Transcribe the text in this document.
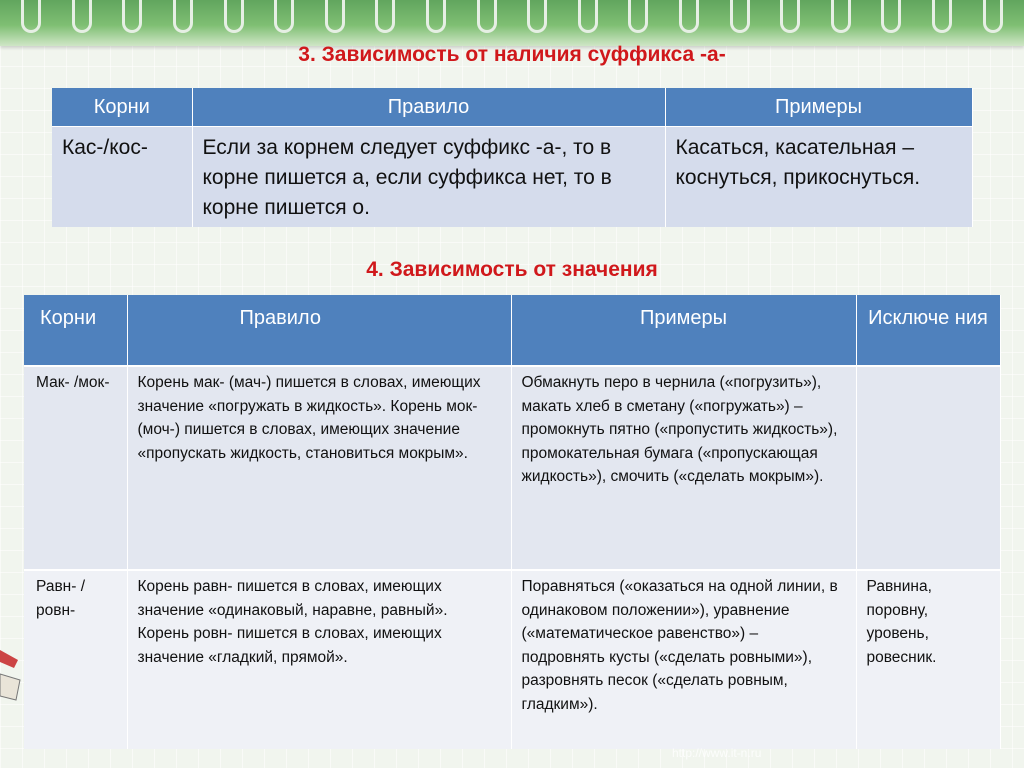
3. Зависимость от наличия суффикса -а-
Корни	Правило	Примеры
Кас-/кос-	Если за корнем следует суффикс -а-, то в корне пишется а, если суффикса нет, то в корне пишется о.	Касаться, касательная – коснуться, прикоснуться.
4. Зависимость от значения
Корни	Правило	Примеры	Исключе ния
Мак- /мок-	Корень мак- (мач-) пишется в словах, имеющих значение «погружать в жидкость». Корень мок- (моч-) пишется в словах, имеющих значение «пропускать жидкость, становиться мокрым».	Обмакнуть перо в чернила («погрузить»), макать хлеб в сметану («погружать») – промокнуть пятно («пропустить жидкость»), промокательная бумага («пропускающая жидкость»), смочить («сделать мокрым»).	
Равн- /ровн-	Корень равн- пишется в словах, имеющих значение «одинаковый, наравне, равный». Корень ровн- пишется в словах, имеющих значение «гладкий, прямой».	Поравняться («оказаться на одной линии, в одинаковом положении»), уравнение («математическое равенство») – подровнять кусты («сделать ровными»), разровнять песок («сделать ровным, гладким»).	Равнина, поровну, уровень, ровесник.
http://www.it-n.ru
